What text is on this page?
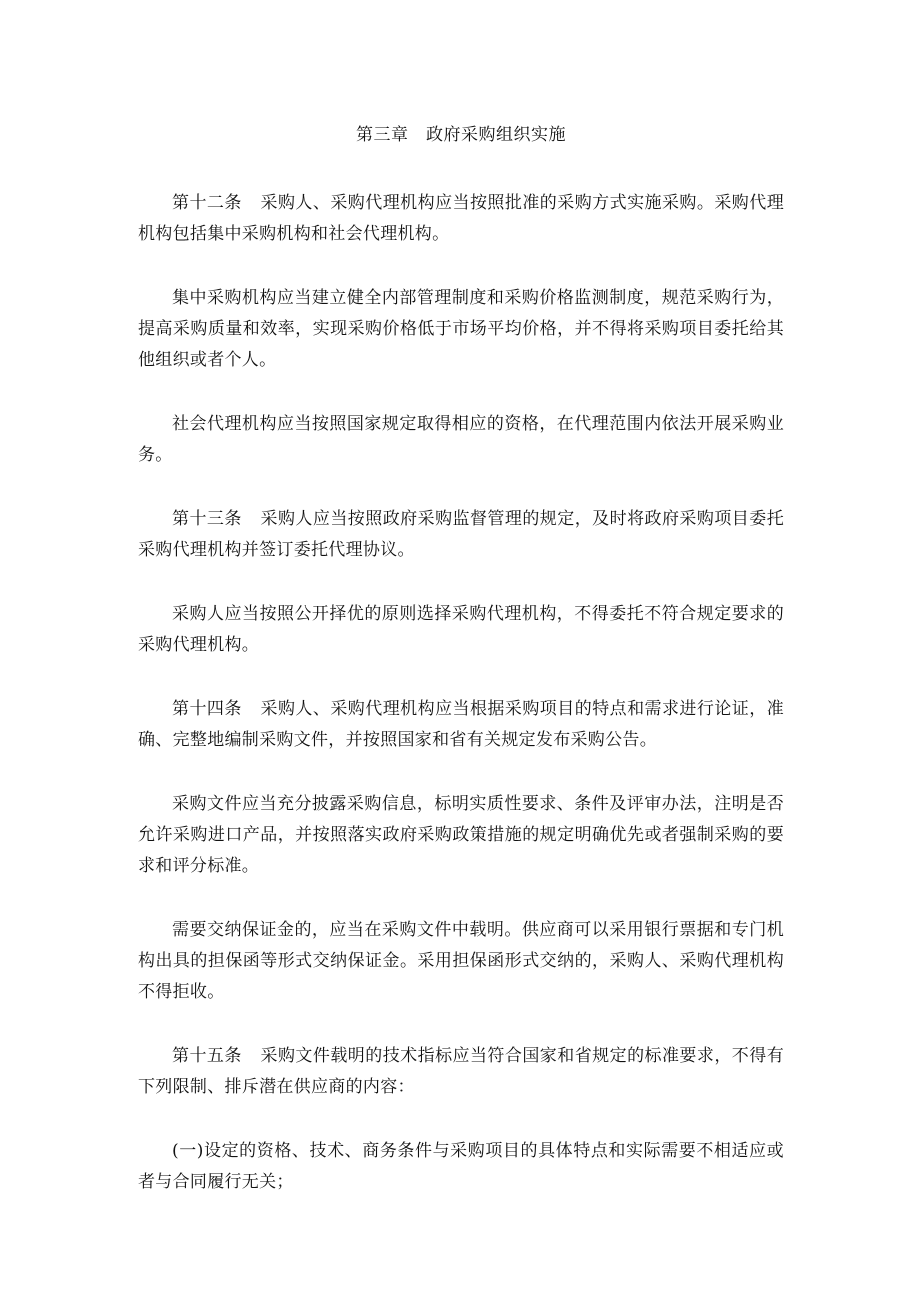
第三章　政府采购组织实施

第十二条 采购人、采购代理机构应当按照批准的采购方式实施采购。采购代理机构包括集中采购机构和社会代理机构。

集中采购机构应当建立健全内部管理制度和采购价格监测制度，规范采购行为，提高采购质量和效率，实现采购价格低于市场平均价格，并不得将采购项目委托给其他组织或者个人。

社会代理机构应当按照国家规定取得相应的资格，在代理范围内依法开展采购业务。

第十三条 采购人应当按照政府采购监督管理的规定，及时将政府采购项目委托采购代理机构并签订委托代理协议。

采购人应当按照公开择优的原则选择采购代理机构，不得委托不符合规定要求的采购代理机构。

第十四条 采购人、采购代理机构应当根据采购项目的特点和需求进行论证，准确、完整地编制采购文件，并按照国家和省有关规定发布采购公告。

采购文件应当充分披露采购信息，标明实质性要求、条件及评审办法，注明是否允许采购进口产品，并按照落实政府采购政策措施的规定明确优先或者强制采购的要求和评分标准。

需要交纳保证金的，应当在采购文件中载明。供应商可以采用银行票据和专门机构出具的担保函等形式交纳保证金。采用担保函形式交纳的，采购人、采购代理机构不得拒收。

第十五条 采购文件载明的技术指标应当符合国家和省规定的标准要求，不得有下列限制、排斥潜在供应商的内容：

(一)设定的资格、技术、商务条件与采购项目的具体特点和实际需要不相适应或者与合同履行无关；
